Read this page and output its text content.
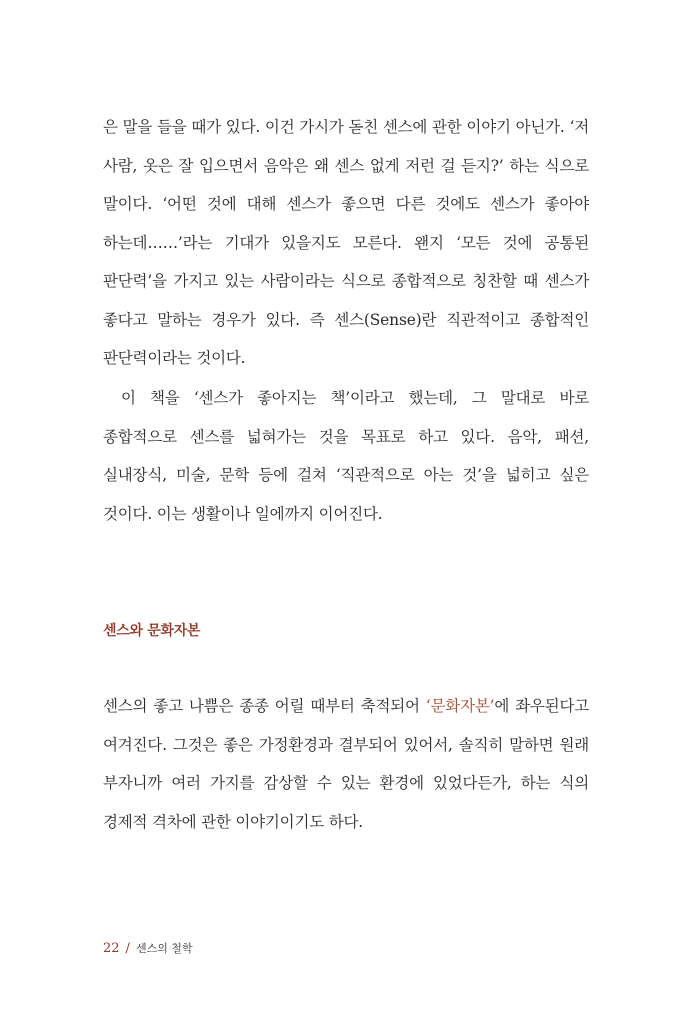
은 말을 들을 때가 있다. 이건 가시가 돋친 센스에 관한 이야기 아닌가. ‘저 사람, 옷은 잘 입으면서 음악은 왜 센스 없게 저런 걸 듣지?’ 하는 식으로 말이다. ‘어떤 것에 대해 센스가 좋으면 다른 것에도 센스가 좋아야 하는데……’라는 기대가 있을지도 모른다. 왠지 ‘모든 것에 공통된 판단력’을 가지고 있는 사람이라는 식으로 종합적으로 칭찬할 때 센스가 좋다고 말하는 경우가 있다. 즉 센스(Sense)란 직관적이고 종합적인 판단력이라는 것이다.

이 책을 ‘센스가 좋아지는 책’이라고 했는데, 그 말대로 바로 종합적으로 센스를 넓혀가는 것을 목표로 하고 있다. 음악, 패션, 실내장식, 미술, 문학 등에 걸쳐 ‘직관적으로 아는 것’을 넓히고 싶은 것이다. 이는 생활이나 일에까지 이어진다.

센스와 문화자본

센스의 좋고 나쁨은 종종 어릴 때부터 축적되어 ‘문화자본’에 좌우된다고 여겨진다. 그것은 좋은 가정환경과 결부되어 있어서, 솔직히 말하면 원래 부자니까 여러 가지를 감상할 수 있는 환경에 있었다든가, 하는 식의 경제적 격차에 관한 이야기이기도 하다.

22 / 센스의 철학
